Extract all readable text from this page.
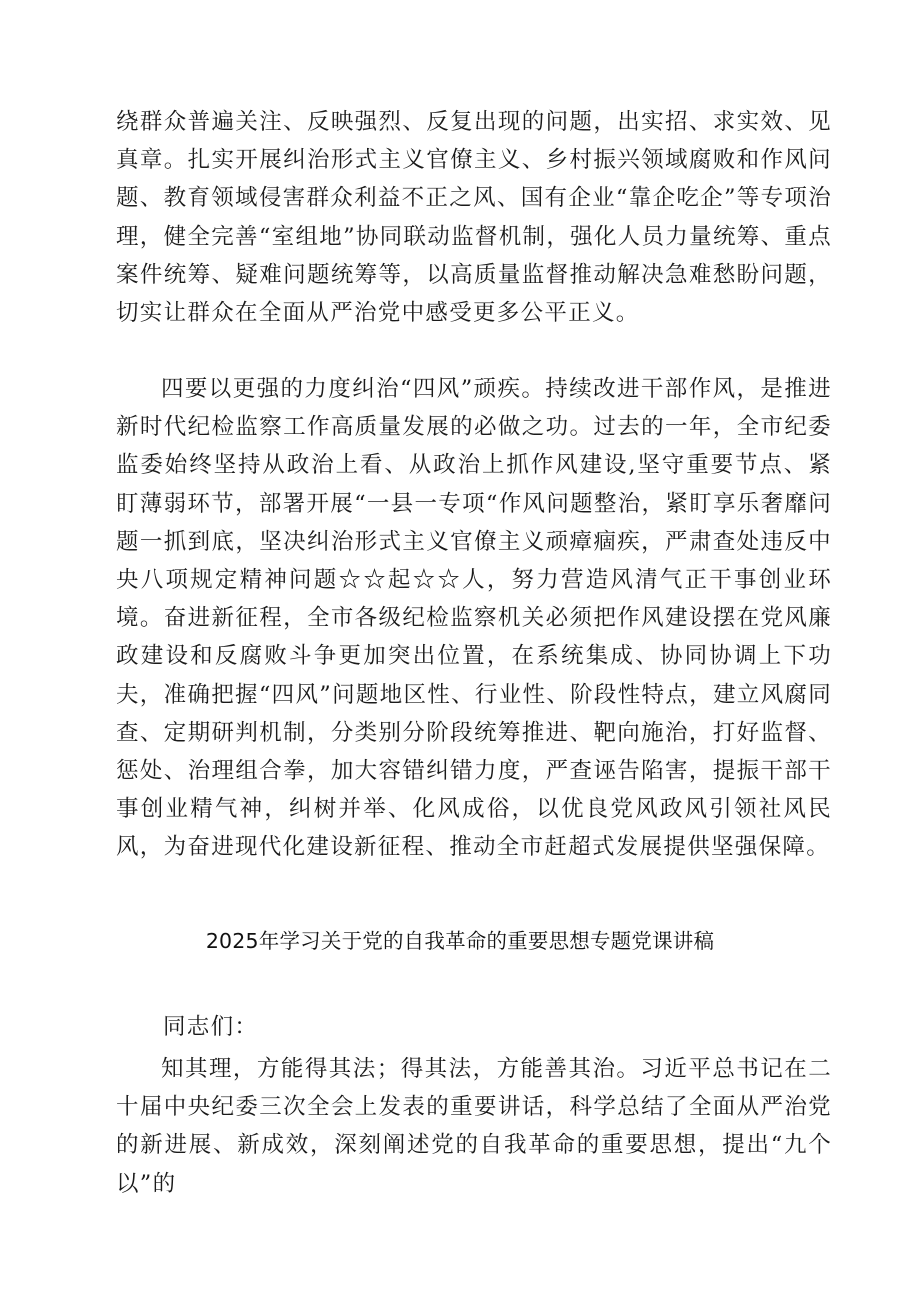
绕群众普遍关注、反映强烈、反复出现的问题，出实招、求实效、见真章。扎实开展纠治形式主义官僚主义、乡村振兴领域腐败和作风问题、教育领域侵害群众利益不正之风、国有企业“靠企吃企”等专项治理，健全完善“室组地”协同联动监督机制，强化人员力量统筹、重点案件统筹、疑难问题统筹等，以高质量监督推动解决急难愁盼问题，切实让群众在全面从严治党中感受更多公平正义。

四要以更强的力度纠治“四风”顽疾。持续改进干部作风，是推进新时代纪检监察工作高质量发展的必做之功。过去的一年，全市纪委监委始终坚持从政治上看、从政治上抓作风建设,坚守重要节点、紧盯薄弱环节，部署开展“一县一专项“作风问题整治，紧盯享乐奢靡问题一抓到底，坚决纠治形式主义官僚主义顽瘴痼疾，严肃查处违反中央八项规定精神问题☆☆起☆☆人，努力营造风清气正干事创业环境。奋进新征程，全市各级纪检监察机关必须把作风建设摆在党风廉政建设和反腐败斗争更加突出位置，在系统集成、协同协调上下功夫，准确把握“四风”问题地区性、行业性、阶段性特点，建立风腐同查、定期研判机制，分类别分阶段统筹推进、靶向施治，打好监督、惩处、治理组合拳，加大容错纠错力度，严查诬告陷害，提振干部干事创业精气神，纠树并举、化风成俗，以优良党风政风引领社风民风，为奋进现代化建设新征程、推动全市赶超式发展提供坚强保障。

2025年学习关于党的自我革命的重要思想专题党课讲稿

同志们：

知其理，方能得其法；得其法，方能善其治。习近平总书记在二十届中央纪委三次全会上发表的重要讲话，科学总结了全面从严治党的新进展、新成效，深刻阐述党的自我革命的重要思想，提出“九个以”的
